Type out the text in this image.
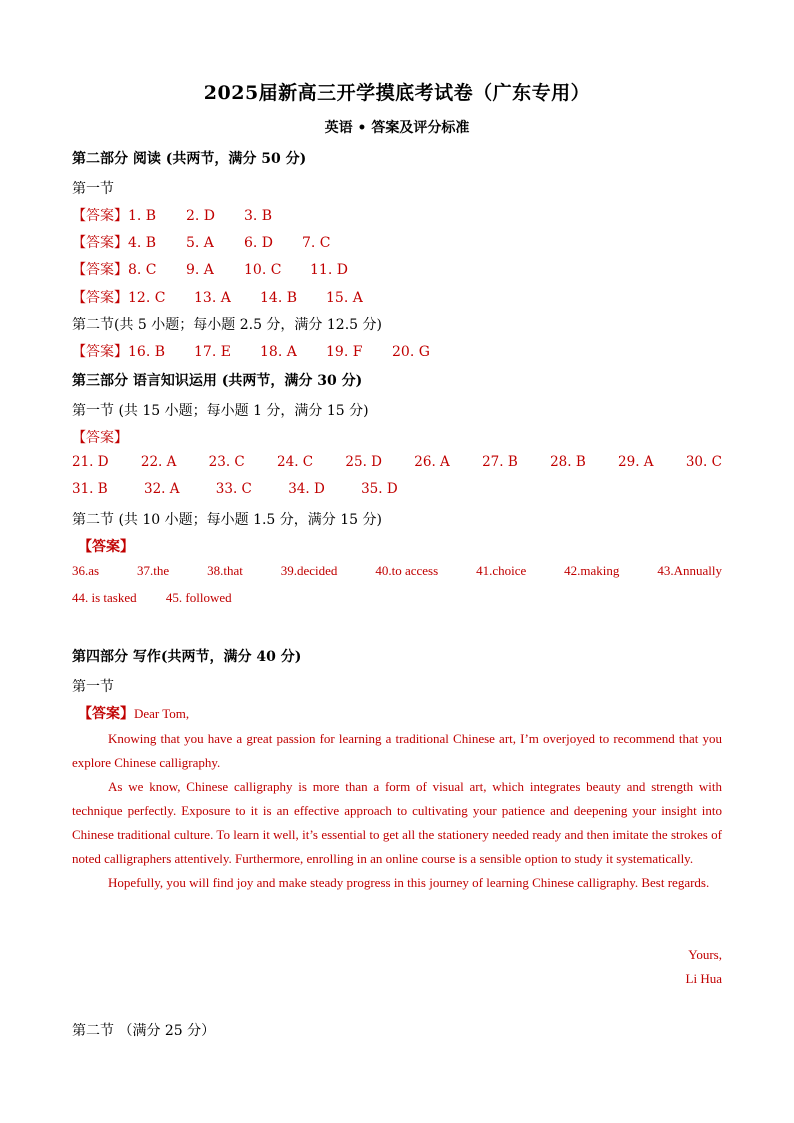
2025届新高三开学摸底考试卷（广东专用）
英语 • 答案及评分标准
第二部分 阅读 (共两节，满分 50 分)
第一节
【答案】1. B 2. D 3. B
【答案】4. B 5. A 6. D 7. C
【答案】8. C 9. A 10. C 11. D
【答案】12. C 13. A 14. B 15. A
第二节(共 5 小题；每小题 2.5 分，满分 12.5 分)
【答案】16. B 17. E 18. A 19. F 20. G
第三部分 语言知识运用 (共两节，满分 30 分)
第一节 (共 15 小题；每小题 1 分，满分 15 分)
【答案】
21. D 22. A 23. C 24. C 25. D 26. A 27. B 28. B 29. A 30. C
31. B	32. A	33. C	34. D	35. D
第二节 (共 10 小题；每小题 1.5 分，满分 15 分)
【答案】
36.as	37.the	38.that	39.decided	40.to access	41.choice	42.making	43.Annually
44. is tasked 45. followed
第四部分 写作(共两节，满分 40 分)
第一节
【答案】Dear Tom,

Knowing that you have a great passion for learning a traditional Chinese art, I’m overjoyed to recommend that you explore Chinese calligraphy.

As we know, Chinese calligraphy is more than a form of visual art, which integrates beauty and strength with technique perfectly. Exposure to it is an effective approach to cultivating your patience and deepening your insight into Chinese traditional culture. To learn it well, it’s essential to get all the stationery needed ready and then imitate the strokes of noted calligraphers attentively. Furthermore, enrolling in an online course is a sensible option to study it systematically.

Hopefully, you will find joy and make steady progress in this journey of learning Chinese calligraphy. Best regards.

Yours,
Li Hua
第二节 （满分 25 分）
